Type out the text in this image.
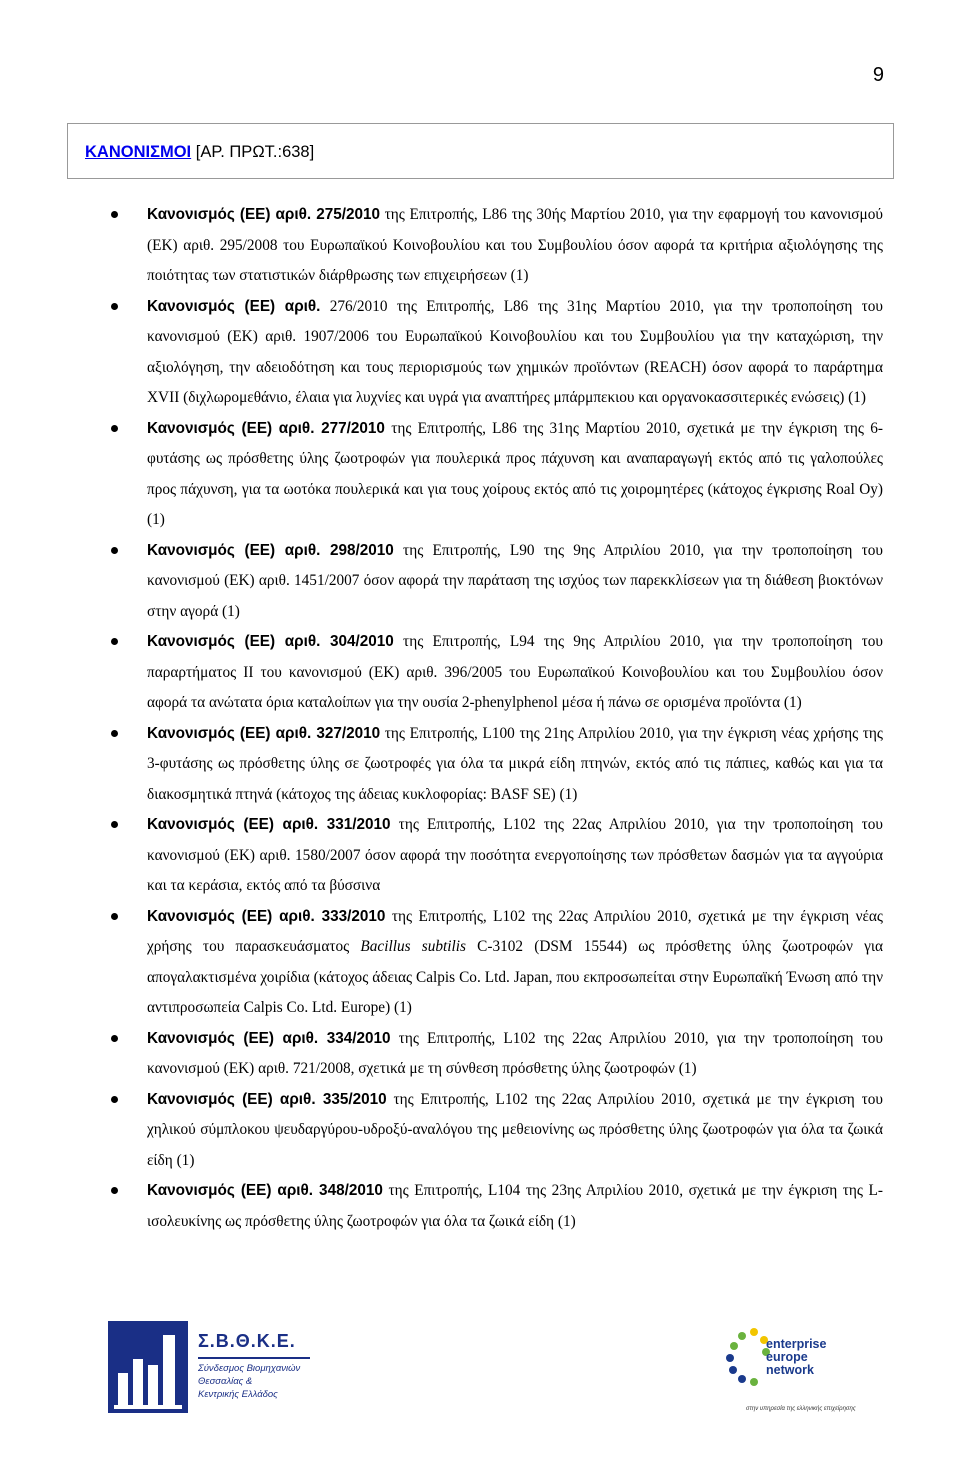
9
ΚΑΝΟΝΙΣΜΟΙ [ΑΡ. ΠΡΩΤ.:638]
Κανονισμός (ΕΕ) αριθ. 275/2010 της Επιτροπής, L86 της 30ής Μαρτίου 2010, για την εφαρμογή του κανονισμού (ΕΚ) αριθ. 295/2008 του Ευρωπαϊκού Κοινοβουλίου και του Συμβουλίου όσον αφορά τα κριτήρια αξιολόγησης της ποιότητας των στατιστικών διάρθρωσης των επιχειρήσεων (1)
Κανονισμός (ΕΕ) αριθ. 276/2010 της Επιτροπής, L86 της 31ης Μαρτίου 2010, για την τροποποίηση του κανονισμού (ΕΚ) αριθ. 1907/2006 του Ευρωπαϊκού Κοινοβουλίου και του Συμβουλίου για την καταχώριση, την αξιολόγηση, την αδειοδότηση και τους περιορισμούς των χημικών προϊόντων (REACH) όσον αφορά το παράρτημα XVII (διχλωρομεθάνιο, έλαια για λυχνίες και υγρά για αναπτήρες μπάρμπεκιου και οργανοκασσιτερικές ενώσεις) (1)
Κανονισμός (ΕΕ) αριθ. 277/2010 της Επιτροπής, L86 της 31ης Μαρτίου 2010, σχετικά με την έγκριση της 6-φυτάσης ως πρόσθετης ύλης ζωοτροφών για πουλερικά προς πάχυνση και αναπαραγωγή εκτός από τις γαλοπούλες προς πάχυνση, για τα ωοτόκα πουλερικά και για τους χοίρους εκτός από τις χοιρομητέρες (κάτοχος έγκρισης Roal Oy) (1)
Κανονισμός (ΕΕ) αριθ. 298/2010 της Επιτροπής, L90 της 9ης Απριλίου 2010, για την τροποποίηση του κανονισμού (ΕΚ) αριθ. 1451/2007 όσον αφορά την παράταση της ισχύος των παρεκκλίσεων για τη διάθεση βιοκτόνων στην αγορά (1)
Κανονισμός (ΕΕ) αριθ. 304/2010 της Επιτροπής, L94 της 9ης Απριλίου 2010, για την τροποποίηση του παραρτήματος II του κανονισμού (ΕΚ) αριθ. 396/2005 του Ευρωπαϊκού Κοινοβουλίου και του Συμβουλίου όσον αφορά τα ανώτατα όρια καταλοίπων για την ουσία 2-phenylphenol μέσα ή πάνω σε ορισμένα προϊόντα (1)
Κανονισμός (ΕΕ) αριθ. 327/2010 της Επιτροπής, L100 της 21ης Απριλίου 2010, για την έγκριση νέας χρήσης της 3-φυτάσης ως πρόσθετης ύλης σε ζωοτροφές για όλα τα μικρά είδη πτηνών, εκτός από τις πάπιες, καθώς και για τα διακοσμητικά πτηνά (κάτοχος της άδειας κυκλοφορίας: BASF SE) (1)
Κανονισμός (ΕΕ) αριθ. 331/2010 της Επιτροπής, L102 της 22ας Απριλίου 2010, για την τροποποίηση του κανονισμού (ΕΚ) αριθ. 1580/2007 όσον αφορά την ποσότητα ενεργοποίησης των πρόσθετων δασμών για τα αγγούρια και τα κεράσια, εκτός από τα βύσσινα
Κανονισμός (ΕΕ) αριθ. 333/2010 της Επιτροπής, L102 της 22ας Απριλίου 2010, σχετικά με την έγκριση νέας χρήσης του παρασκευάσματος Bacillus subtilis C-3102 (DSM 15544) ως πρόσθετης ύλης ζωοτροφών για απογαλακτισμένα χοιρίδια (κάτοχος άδειας Calpis Co. Ltd. Japan, που εκπροσωπείται στην Ευρωπαϊκή Ένωση από την αντιπροσωπεία Calpis Co. Ltd. Europe) (1)
Κανονισμός (ΕΕ) αριθ. 334/2010 της Επιτροπής, L102 της 22ας Απριλίου 2010, για την τροποποίηση του κανονισμού (ΕΚ) αριθ. 721/2008, σχετικά με τη σύνθεση πρόσθετης ύλης ζωοτροφών (1)
Κανονισμός (ΕΕ) αριθ. 335/2010 της Επιτροπής, L102 της 22ας Απριλίου 2010, σχετικά με την έγκριση του χηλικού σύμπλοκου ψευδαργύρου-υδροξύ-αναλόγου της μεθειονίνης ως πρόσθετης ύλης ζωοτροφών για όλα τα ζωικά είδη (1)
Κανονισμός (ΕΕ) αριθ. 348/2010 της Επιτροπής, L104 της 23ης Απριλίου 2010, σχετικά με την έγκριση της L-ισολευκίνης ως πρόσθετης ύλης ζωοτροφών για όλα τα ζωικά είδη (1)
Σ.Β.Θ.Κ.Ε.
Σύνδεσμος Βιομηχανιών
Θεσσαλίας &
Κεντρικής Ελλάδος
enterprise
europe
network
στην υπηρεσία της ελληνικής επιχείρησης
